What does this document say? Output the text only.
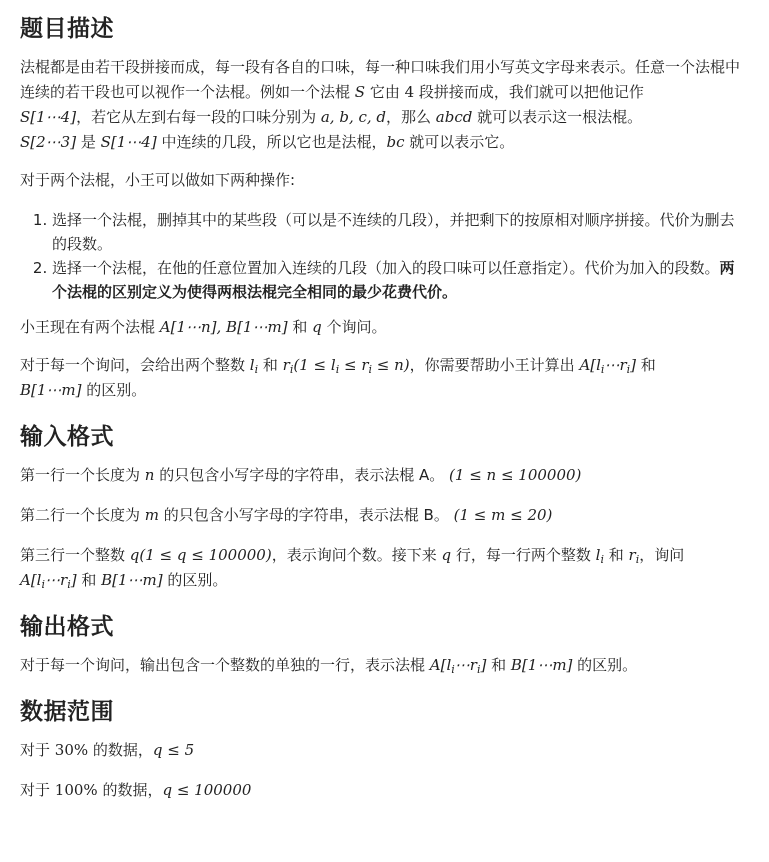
题目描述

法棍都是由若干段拼接而成，每一段有各自的口味，每一种口味我们用小写英文字母来表示。任意一个法棍中连续的若干段也可以视作一个法棍。例如一个法棍 S 它由 4 段拼接而成，我们就可以把他记作
S[1⋯4]，若它从左到右每一段的口味分别为 a, b, c, d，那么 abcd 就可以表示这一根法棍。
S[2⋯3] 是 S[1⋯4] 中连续的几段，所以它也是法棍，bc 就可以表示它。

对于两个法棍，小王可以做如下两种操作:

1. 选择一个法棍，删掉其中的某些段（可以是不连续的几段），并把剩下的按原相对顺序拼接。代价为删去的段数。
2. 选择一个法棍，在他的任意位置加入连续的几段（加入的段口味可以任意指定）。代价为加入的段数。两个法棍的区别定义为使得两根法棍完全相同的最少花费代价。

小王现在有两个法棍 A[1⋯n], B[1⋯m] 和 q 个询问。

对于每一个询问，会给出两个整数 $l_i$ 和 $r_i(1 \le l_i \le r_i \le n)$，你需要帮助小王计算出 $A[l_i\cdots r_i]$ 和
B[1⋯m] 的区别。

输入格式

第一行一个长度为 n 的只包含小写字母的字符串，表示法棍 A。 (1 ≤ n ≤ 100000)

第二行一个长度为 m 的只包含小写字母的字符串，表示法棍 B。 (1 ≤ m ≤ 20)

第三行一个整数 q(1 ≤ q ≤ 100000)，表示询问个数。接下来 q 行，每一行两个整数 $l_i$ 和 $r_i$，询问
$A[l_i\cdots r_i]$ 和 B[1⋯m] 的区别。

输出格式

对于每一个询问，输出包含一个整数的单独的一行，表示法棍 $A[l_i\cdots r_i]$ 和 B[1⋯m] 的区别。

数据范围

对于 30% 的数据，q ≤ 5

对于 100% 的数据，q ≤ 100000
